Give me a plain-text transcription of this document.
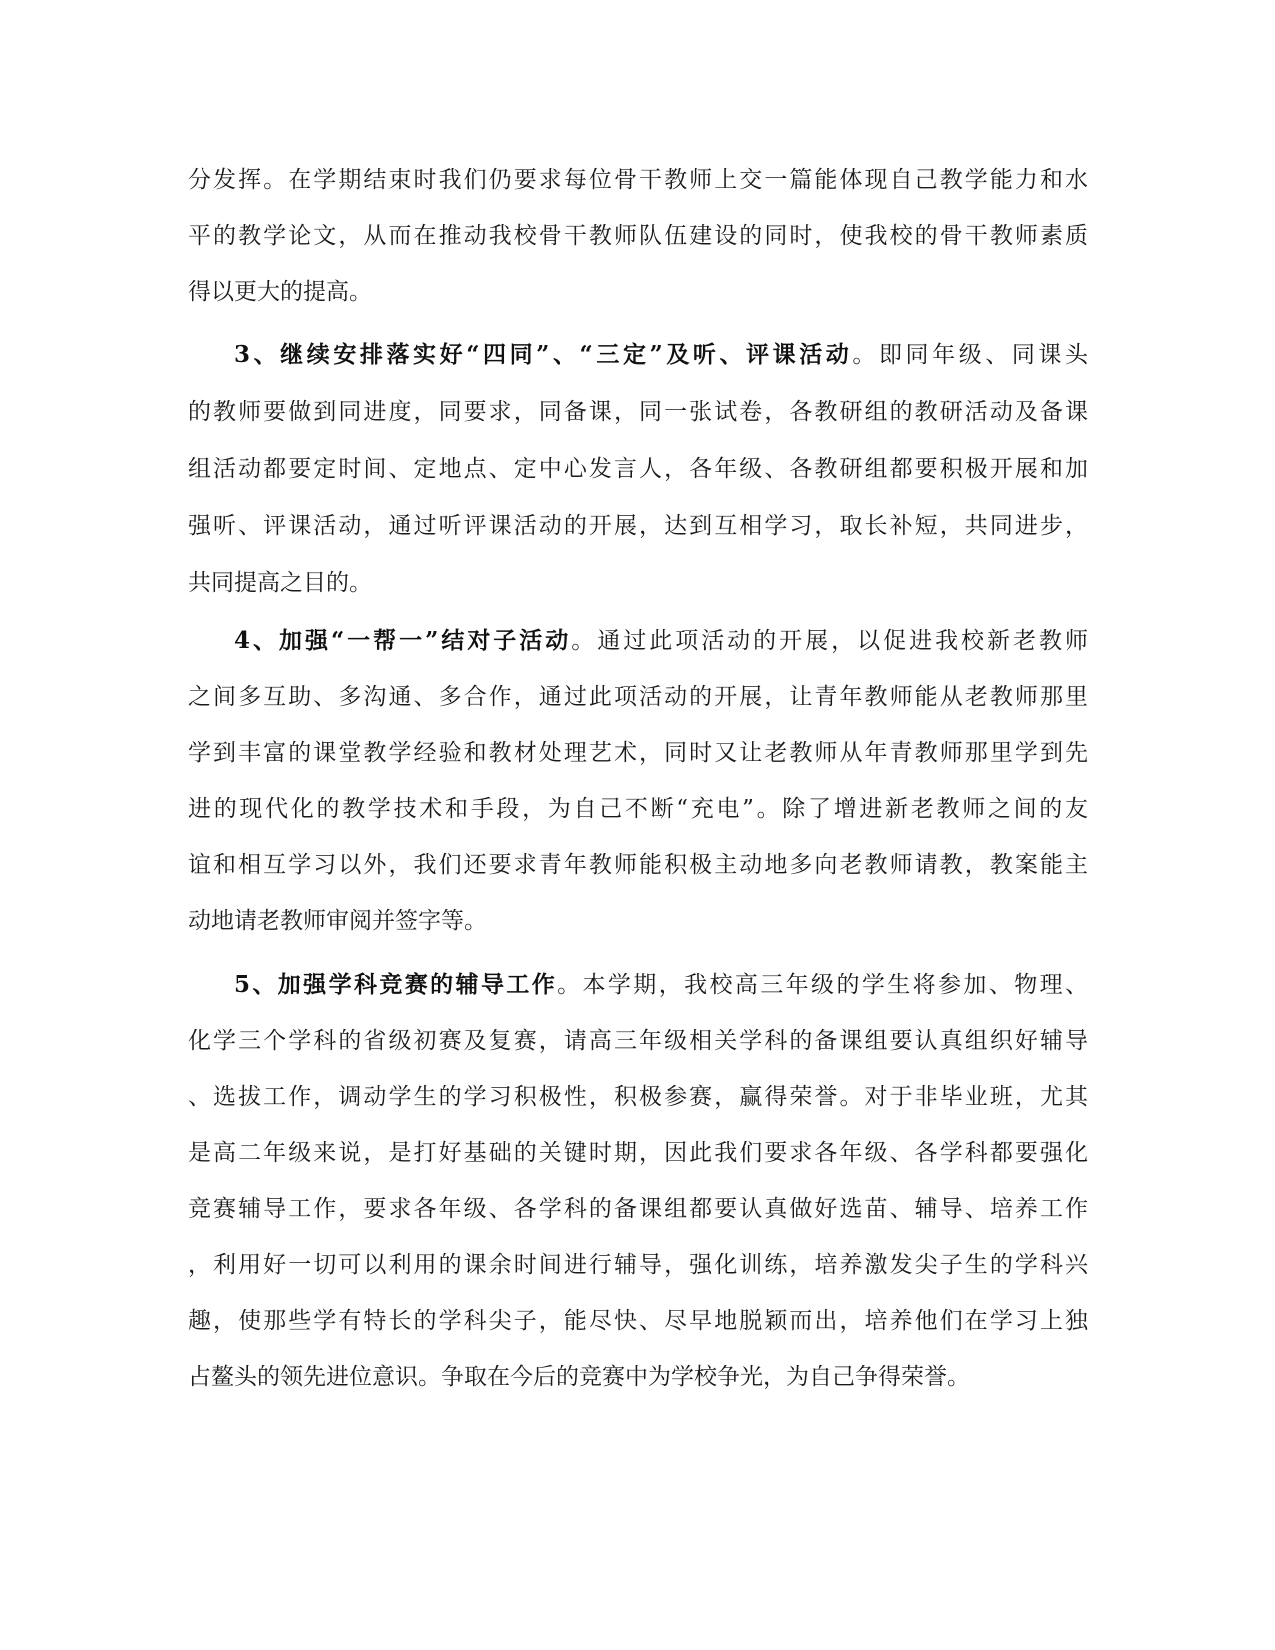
分发挥。在学期结束时我们仍要求每位骨干教师上交一篇能体现自己教学能力和水
平的教学论文，从而在推动我校骨干教师队伍建设的同时，使我校的骨干教师素质
得以更大的提高。
3、继续安排落实好“四同”、“三定”及听、评课活动。即同年级、同课头
的教师要做到同进度，同要求，同备课，同一张试卷，各教研组的教研活动及备课
组活动都要定时间、定地点、定中心发言人，各年级、各教研组都要积极开展和加
强听、评课活动，通过听评课活动的开展，达到互相学习，取长补短，共同进步，
共同提高之目的。
4、加强“一帮一”结对子活动。通过此项活动的开展，以促进我校新老教师
之间多互助、多沟通、多合作，通过此项活动的开展，让青年教师能从老教师那里
学到丰富的课堂教学经验和教材处理艺术，同时又让老教师从年青教师那里学到先
进的现代化的教学技术和手段，为自己不断“充电”。除了增进新老教师之间的友
谊和相互学习以外，我们还要求青年教师能积极主动地多向老教师请教，教案能主
动地请老教师审阅并签字等。
5、加强学科竞赛的辅导工作。本学期，我校高三年级的学生将参加、物理、
化学三个学科的省级初赛及复赛，请高三年级相关学科的备课组要认真组织好辅导
、选拔工作，调动学生的学习积极性，积极参赛，赢得荣誉。对于非毕业班，尤其
是高二年级来说，是打好基础的关键时期，因此我们要求各年级、各学科都要强化
竞赛辅导工作，要求各年级、各学科的备课组都要认真做好选苗、辅导、培养工作
，利用好一切可以利用的课余时间进行辅导，强化训练，培养激发尖子生的学科兴
趣，使那些学有特长的学科尖子，能尽快、尽早地脱颖而出，培养他们在学习上独
占鳌头的领先进位意识。争取在今后的竞赛中为学校争光，为自己争得荣誉。
